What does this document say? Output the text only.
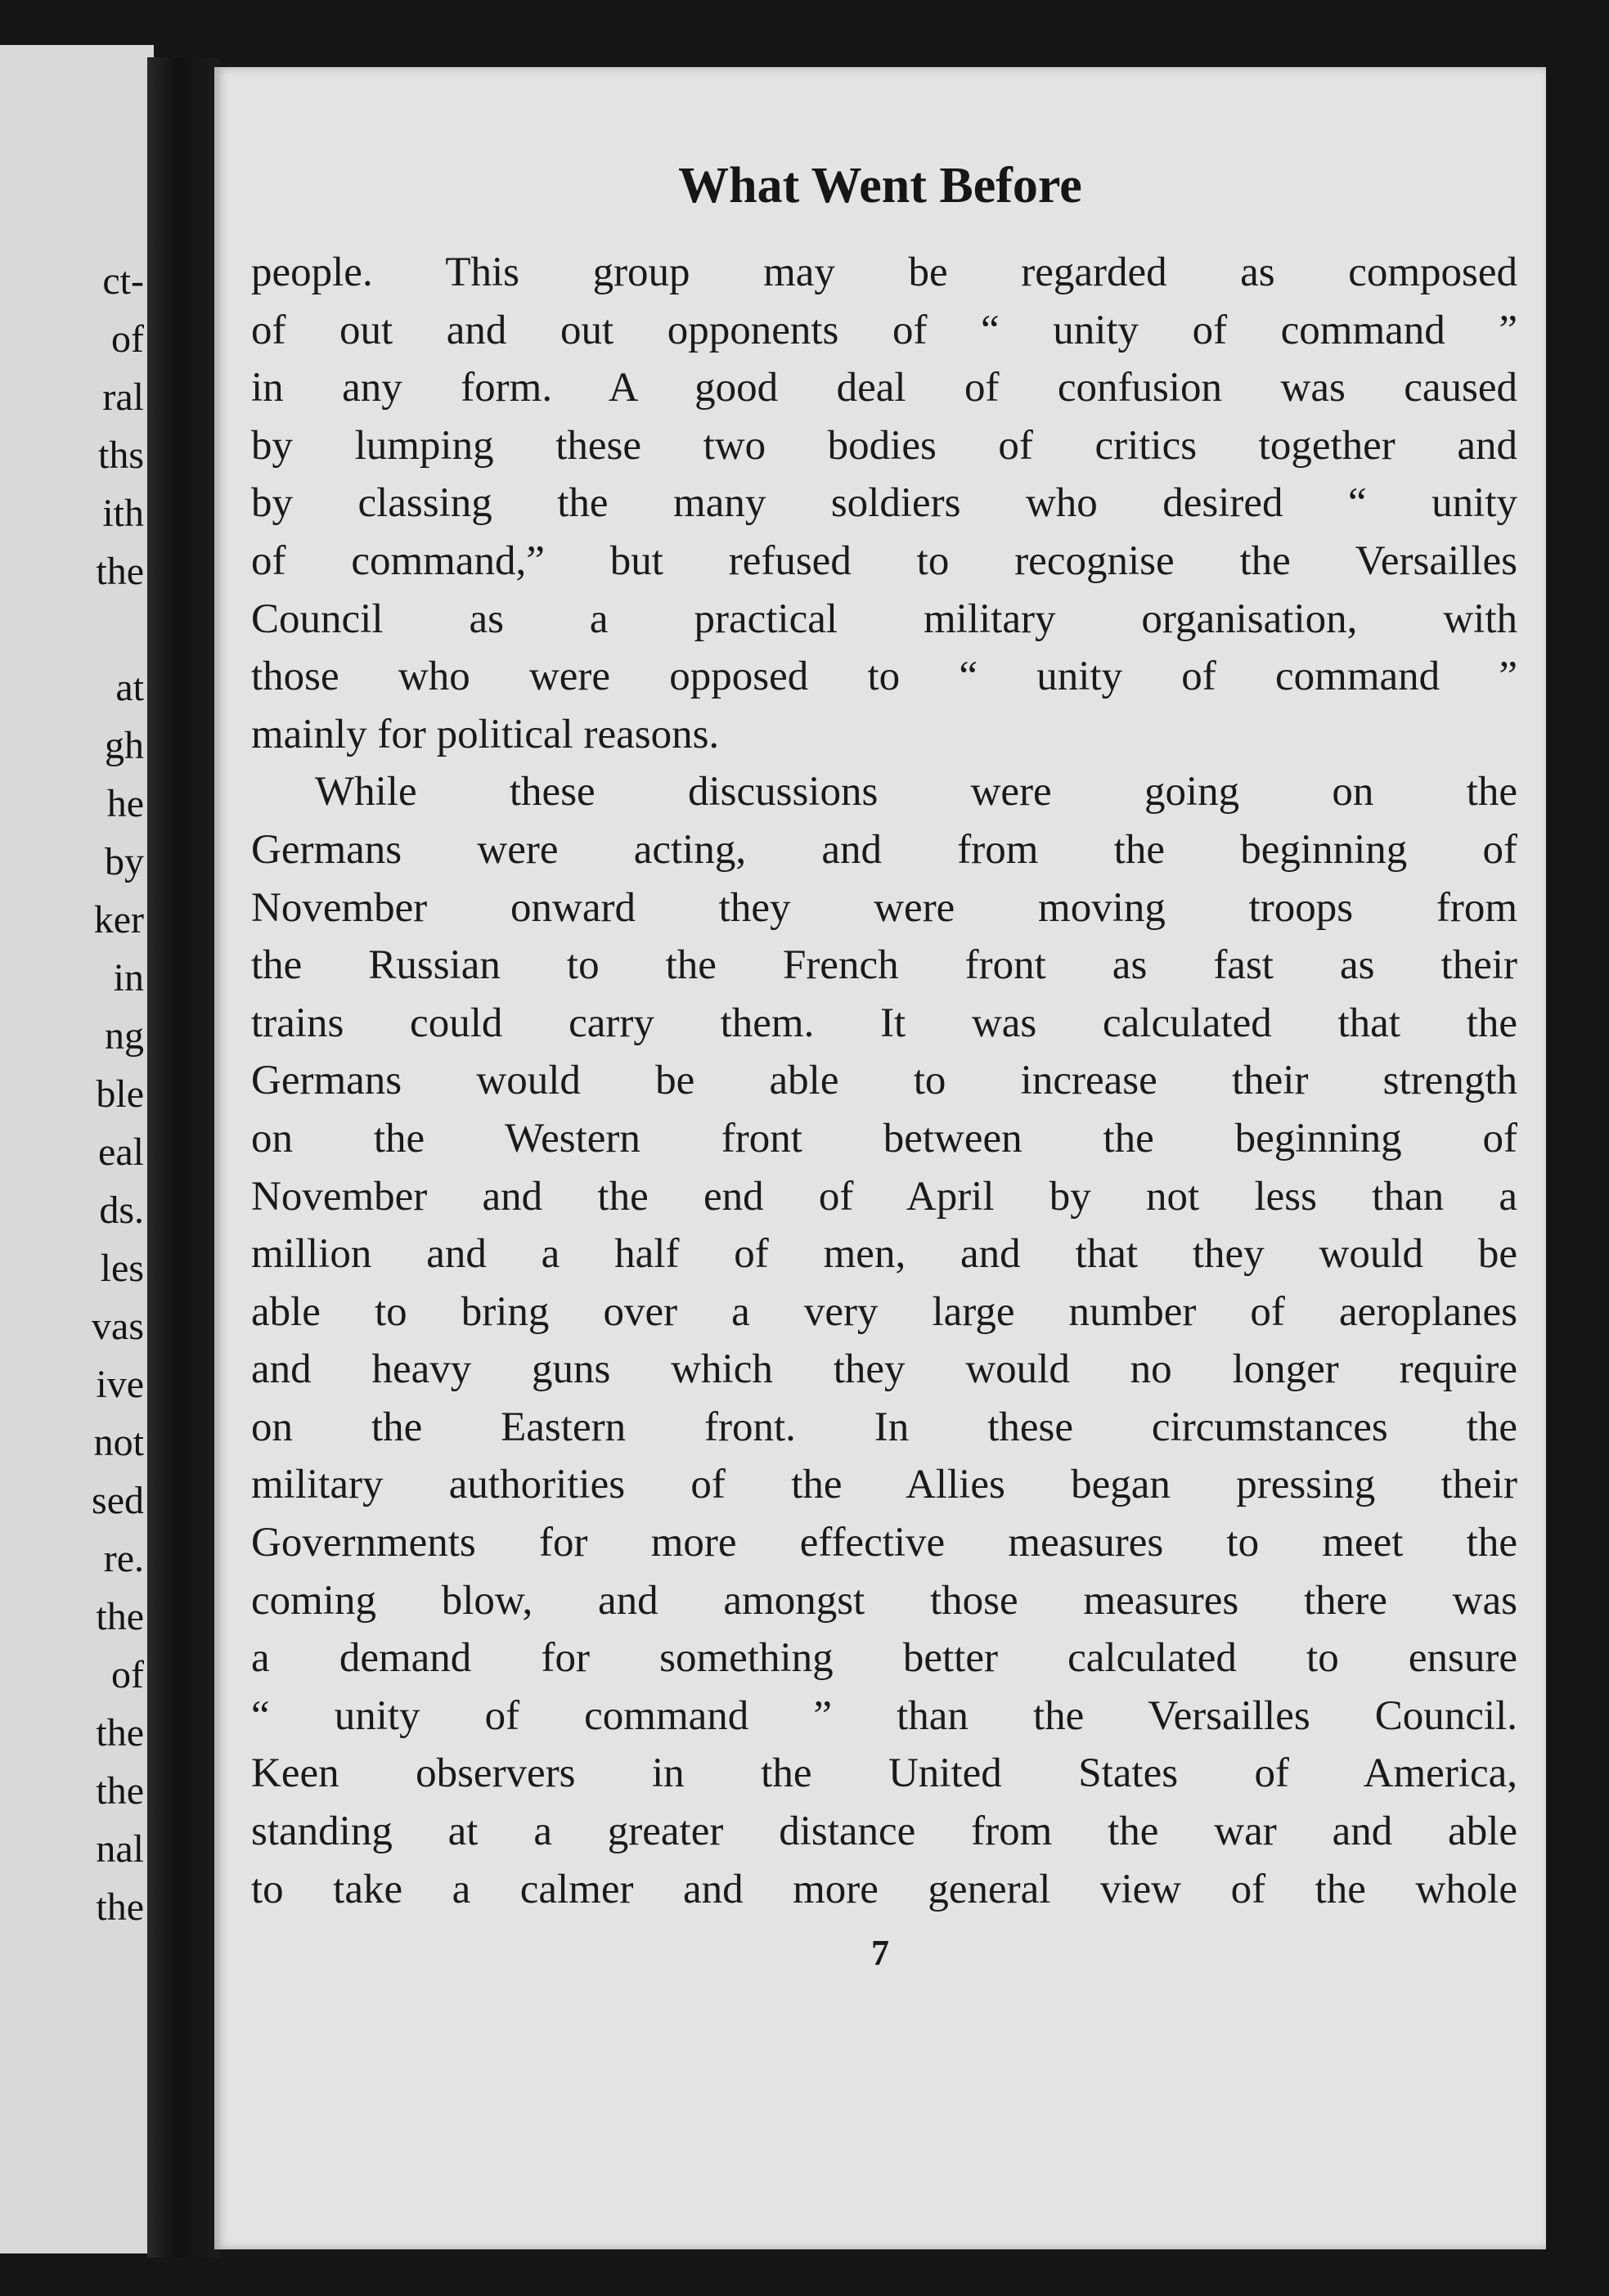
ct-
of
ral
ths
ith
the
at
gh
he
by
ker
in
ng
ble
eal
ds.
les
vas
ive
not
sed
re.
the
of
the
the
nal
the
What Went Before
people. This group may be regarded as composed
of out and out opponents of “ unity of command ”
in any form. A good deal of confusion was caused
by lumping these two bodies of critics together and
by classing the many soldiers who desired “ unity
of command,” but refused to recognise the Versailles
Council as a practical military organisation, with
those who were opposed to “ unity of command ”
mainly for political reasons.
While these discussions were going on the
Germans were acting, and from the beginning of
November onward they were moving troops from
the Russian to the French front as fast as their
trains could carry them. It was calculated that the
Germans would be able to increase their strength
on the Western front between the beginning of
November and the end of April by not less than a
million and a half of men, and that they would be
able to bring over a very large number of aeroplanes
and heavy guns which they would no longer require
on the Eastern front. In these circumstances the
military authorities of the Allies began pressing their
Governments for more effective measures to meet the
coming blow, and amongst those measures there was
a demand for something better calculated to ensure
“ unity of command ” than the Versailles Council.
Keen observers in the United States of America,
standing at a greater distance from the war and able
to take a calmer and more general view of the whole
7
